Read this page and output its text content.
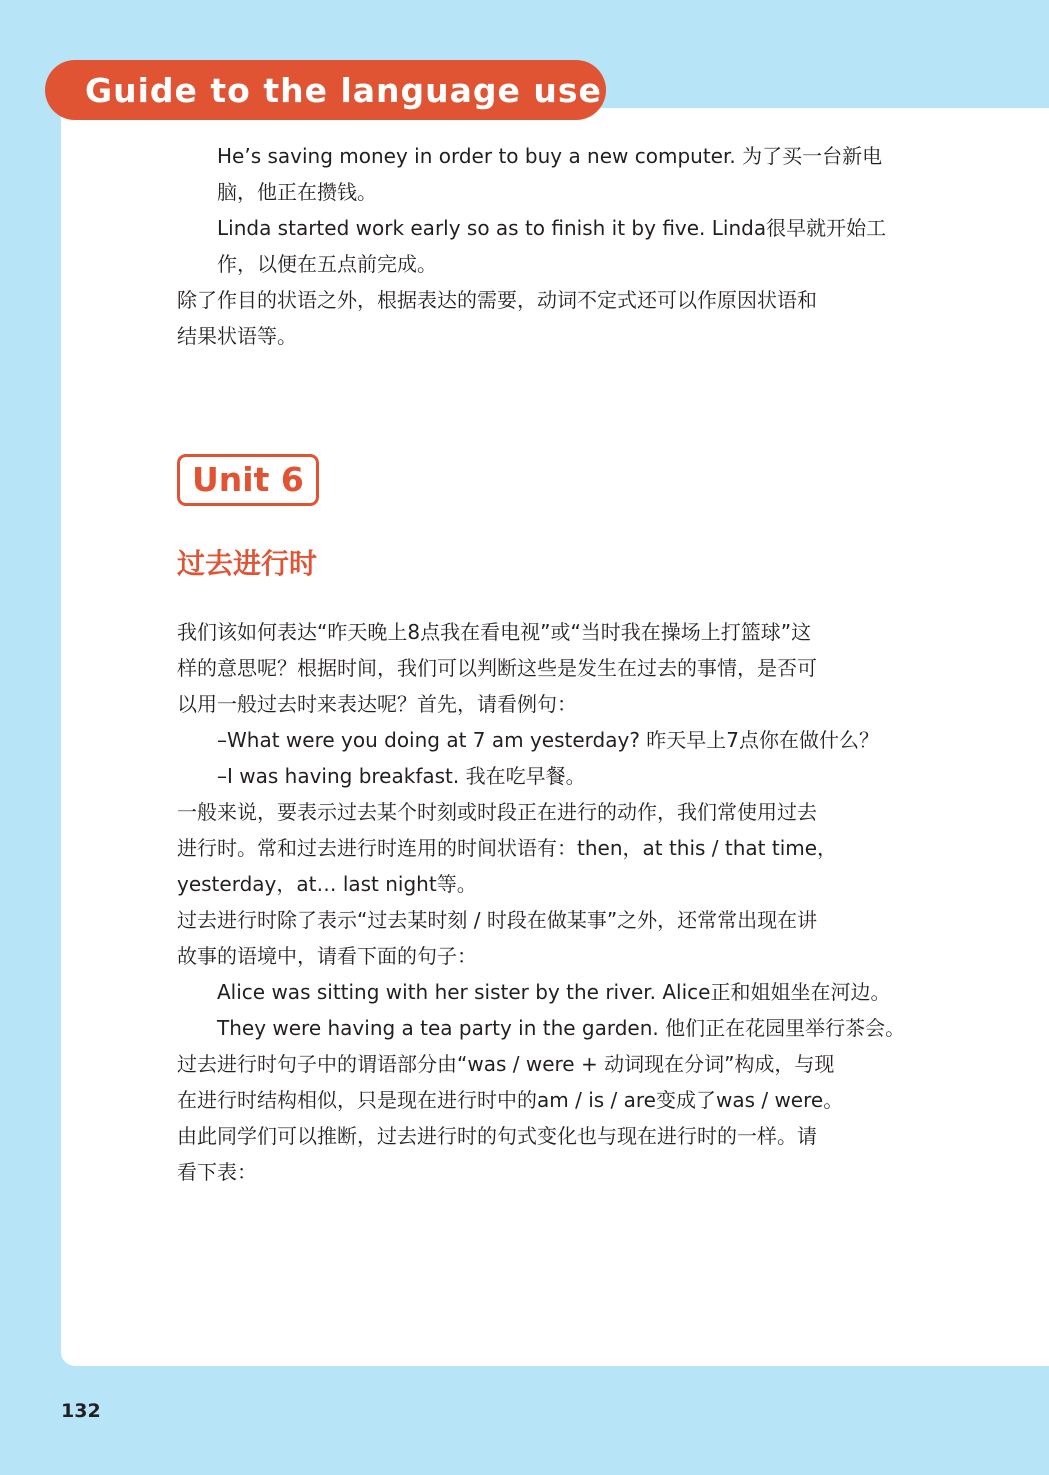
Guide to the language use
He’s saving money in order to buy a new computer. 为了买一台新电
脑，他正在攒钱。
Linda started work early so as to finish it by five. Linda很早就开始工
作，以便在五点前完成。
除了作目的状语之外，根据表达的需要，动词不定式还可以作原因状语和
结果状语等。
Unit 6
过去进行时
我们该如何表达“昨天晚上8点我在看电视”或“当时我在操场上打篮球”这
样的意思呢？根据时间，我们可以判断这些是发生在过去的事情，是否可
以用一般过去时来表达呢？首先，请看例句：
–What were you doing at 7 am yesterday? 昨天早上7点你在做什么？
–I was having breakfast. 我在吃早餐。
一般来说，要表示过去某个时刻或时段正在进行的动作，我们常使用过去
进行时。常和过去进行时连用的时间状语有：then，at this / that time，
yesterday，at… last night等。
过去进行时除了表示“过去某时刻 / 时段在做某事”之外，还常常出现在讲
故事的语境中，请看下面的句子：
Alice was sitting with her sister by the river. Alice正和姐姐坐在河边。
They were having a tea party in the garden. 他们正在花园里举行茶会。
过去进行时句子中的谓语部分由“was / were + 动词现在分词”构成，与现
在进行时结构相似，只是现在进行时中的am / is / are变成了was / were。
由此同学们可以推断，过去进行时的句式变化也与现在进行时的一样。请
看下表：
132
